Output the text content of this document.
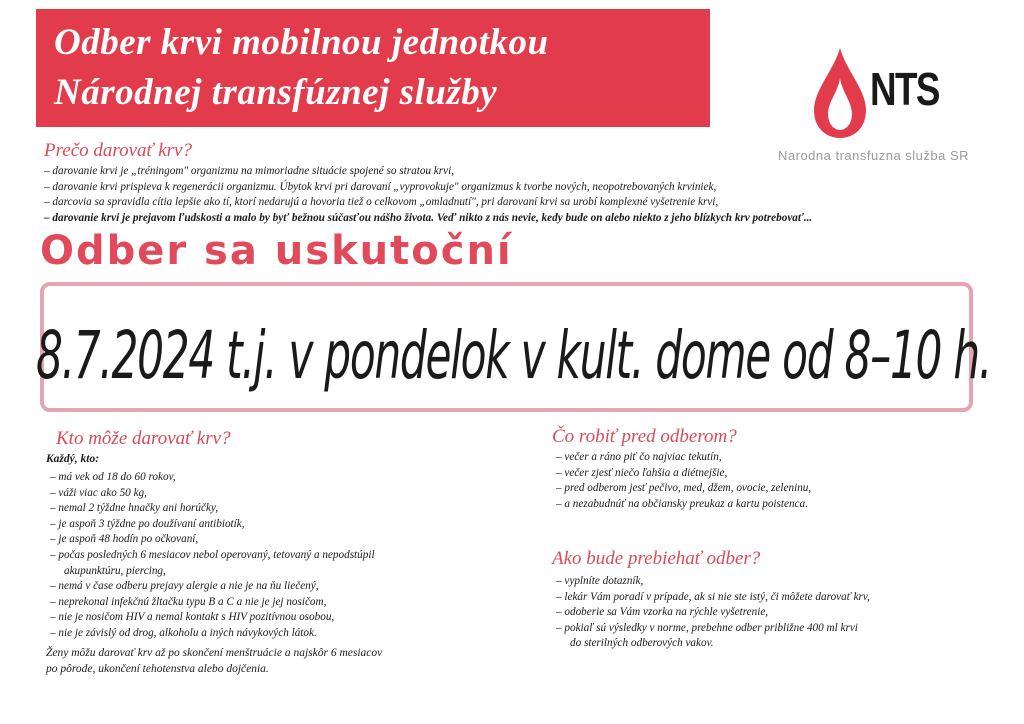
Odber krvi mobilnou jednotkou
Národnej transfúznej služby	NTS
Narodna transfuzna služba SR
Prečo darovať krv?
– darovanie krvi je „tréningom" organizmu na mimoriadne situácie spojené so stratou krvi,
– darovanie krvi prispieva k regenerácii organizmu. Úbytok krvi pri darovaní „vyprovokuje" organizmus k tvorbe nových, neopotrebovaných krviniek,
– darcovia sa spravidla cítia lepšie ako tí, ktorí nedarujú a hovoria tiež o celkovom „omladnutí", pri darovaní krvi sa urobí komplexné vyšetrenie krvi,
– darovanie krvi je prejavom ľudskosti a malo by byť bežnou súčasťou nášho života. Veď nikto z nás nevie, kedy bude on alebo niekto z jeho blízkych krv potrebovať...
Odber sa uskutoční
8.7.2024 t.j. v pondelok v kult. dome od 8–10 h.
Kto môže darovať krv?
Každý, kto:
– má vek od 18 do 60 rokov,
– váži viac ako 50 kg,
– nemal 2 týždne hnačky ani horúčky,
– je aspoň 3 týždne po doužívaní antibiotík,
– je aspoň 48 hodín po očkovaní,
– počas posledných 6 mesiacov nebol operovaný, tetovaný a nepodstúpil
akupunktúru, piercing,
– nemá v čase odberu prejavy alergie a nie je na ňu liečený,
– neprekonal infekčnú žltačku typu B a C a nie je jej nosičom,
– nie je nosičom HIV a nemal kontakt s HIV pozitívnou osobou,
– nie je závislý od drog, alkoholu a iných návykových látok.
Ženy môžu darovať krv až po skončení menštruácie a najskôr 6 mesiacov
po pôrode, ukončení tehotenstva alebo dojčenia.
Čo robiť pred odberom?
– večer a ráno piť čo najviac tekutín,
– večer zjesť niečo ľahšia a diétnejšie,
– pred odberom jesť pečivo, med, džem, ovocie, zeleninu,
– a nezabudnúť na občiansky preukaz a kartu poistenca.
Ako bude prebiehať odber?
– vyplníte dotazník,
– lekár Vám poradí v prípade, ak si nie ste istý, či môžete darovať krv,
– odoberie sa Vám vzorka na rýchle vyšetrenie,
– pokiaľ sú výsledky v norme, prebehne odber približne 400 ml krvi
do sterilných odberových vakov.
